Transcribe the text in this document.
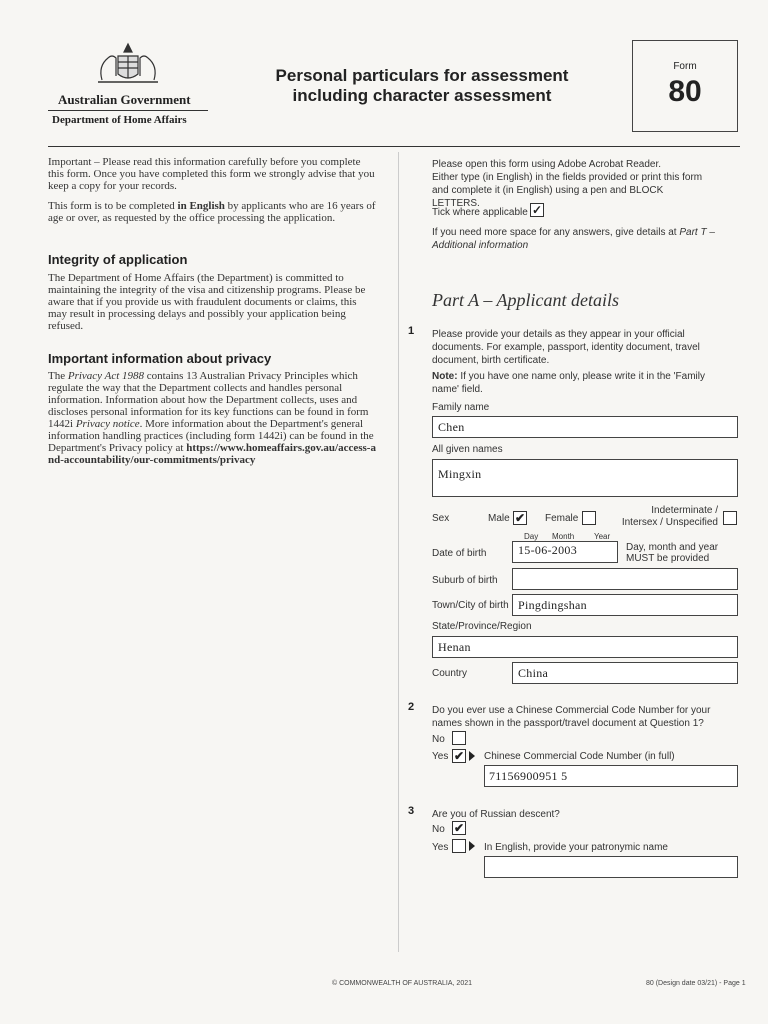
Australian Government
Department of Home Affairs
Personal particulars for assessment
including character assessment
Form
80
Important – Please read this information carefully before you complete this form. Once you have completed this form we strongly advise that you keep a copy for your records.
This form is to be completed in English by applicants who are 16 years of age or over, as requested by the office processing the application.
Integrity of application
The Department of Home Affairs (the Department) is committed to maintaining the integrity of the visa and citizenship programs. Please be aware that if you provide us with fraudulent documents or claims, this may result in processing delays and possibly your application being refused.
Important information about privacy
The Privacy Act 1988 contains 13 Australian Privacy Principles which regulate the way that the Department collects and handles personal information. Information about how the Department collects, uses and discloses personal information for its key functions can be found in form 1442i Privacy notice. More information about the Department's general information handling practices (including form 1442i) can be found in the Department's Privacy policy at https://www.homeaffairs.gov.au/access-and-accountability/our-commitments/privacy
Please open this form using Adobe Acrobat Reader.
Either type (in English) in the fields provided or print this form and complete it (in English) using a pen and BLOCK LETTERS.
Tick where applicable ✓
If you need more space for any answers, give details at Part T –
Additional information
Part A – Applicant details
1 Please provide your details as they appear in your official documents. For example, passport, identity document, travel document, birth certificate.
Note: If you have one name only, please write it in the 'Family name' field.
Family name
Chen
All given names
Mingxin
Sex	Male ✔ Female
Indeterminate /
Intersex / Unspecified
Day Month Year
Date of birth	15-06-2003	Day, month and year
MUST be provided
Suburb of birth
Town/City of birth Pingdingshan
State/Province/Region
Henan
Country	China
2 Do you ever use a Chinese Commercial Code Number for your names shown in the passport/travel document at Question 1?
No
Yes ✔ Chinese Commercial Code Number (in full)
71156900951 5
3 Are you of Russian descent?
No ✔
Yes	In English, provide your patronymic name
© COMMONWEALTH OF AUSTRALIA, 2021	80 (Design date 03/21) - Page 1
